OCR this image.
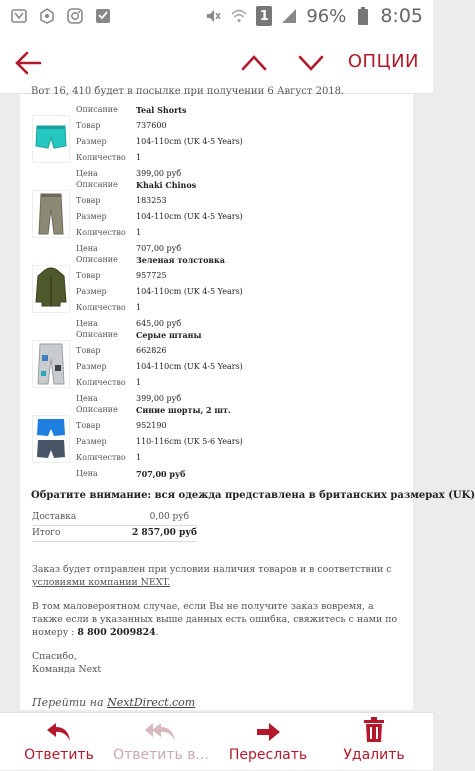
1 96% 8:05
ОПЦИИ
Вот 16, 410 будет в посылке при получении 6 Август 2018.
Описание Teal Shorts
Товар	737600
Размер	104-110cm (UK 4-5 Years)
Количество 1
Цена	399,00 руб
Описание Khaki Chinos
Товар	183253
Размер	104-110cm (UK 4-5 Years)
Количество 1
Цена	707,00 руб
Описание Зеленая толстовка
Товар	957725
Размер	104-110cm (UK 4-5 Years)
Количество 1
Цена	645,00 руб
Описание Серые штаны
Товар	662826
Размер	104-110cm (UK 4-5 Years)
Количество 1
Цена	399,00 руб
Описание Синие шорты, 2 шт.
Товар	952190
Размер	110-116cm (UK 5-6 Years)
Количество 1
Цена	707,00 руб
Обратите внимание: вся одежда представлена в британских размерах (UK)
Доставка	0,00 руб
Итого	2 857,00 руб
Заказ будет отправлен при условии наличия товаров и в соответствии с условиями компании NEXT.
В том маловероятном случае, если Вы не получите заказ вовремя, а также если в указанных выше данных есть ошибка, свяжитесь с нами по номеру : 8 800 2009824.
Спасибо,
Команда Next
Перейти на NextDirect.com
Ответить Ответить в... Переслать	Удалить
